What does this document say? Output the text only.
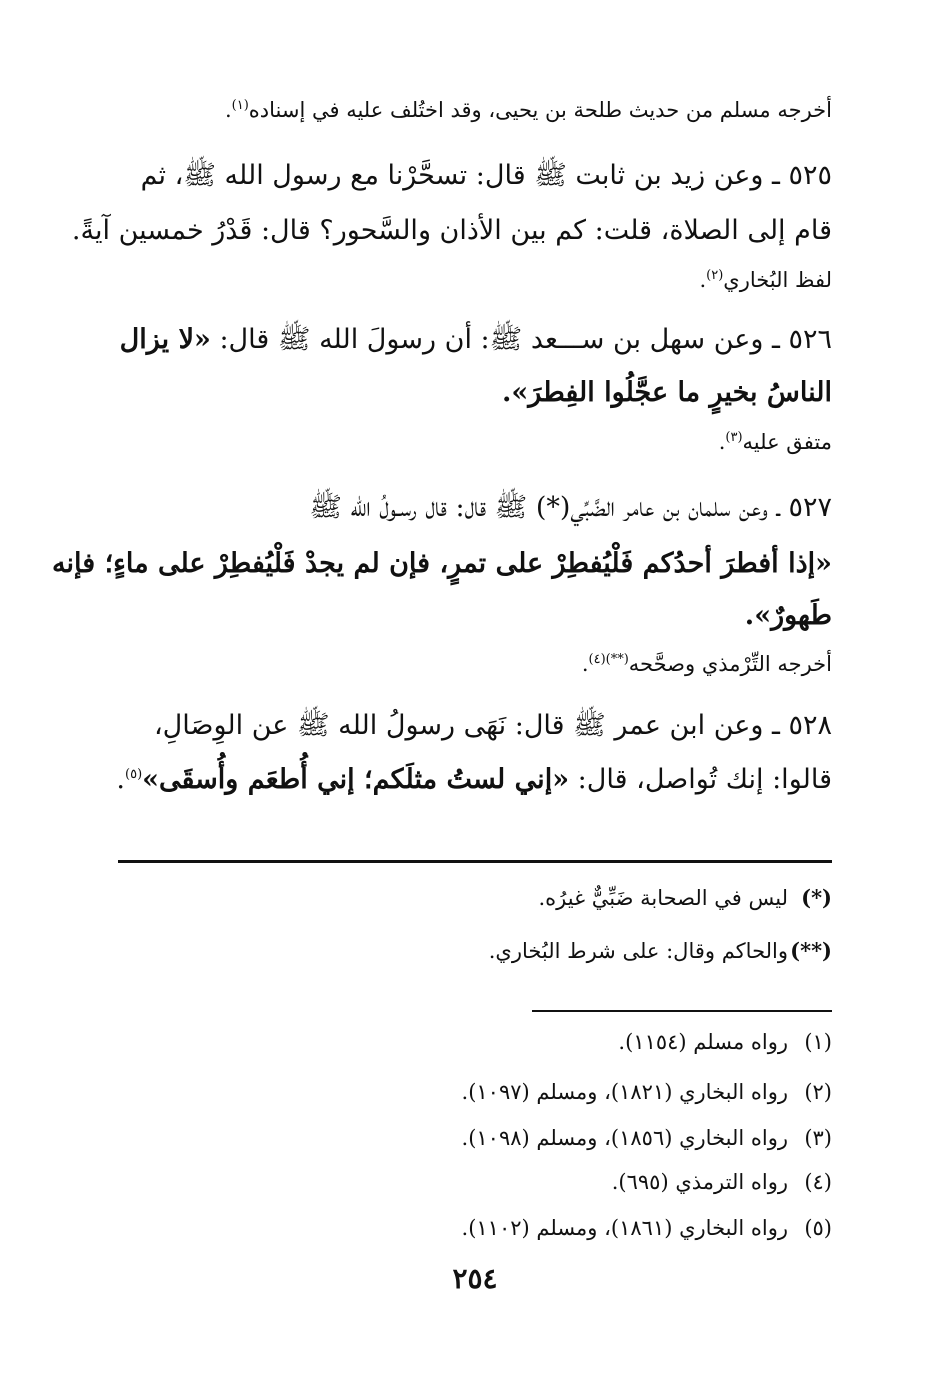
أخرجه مسلم من حديث طلحة بن يحيى، وقد اختُلف عليه في إسناده$^{(١)}$.
٥٢٥ ـ وعن زيد بن ثابت ﷺ قال: تسحَّرْنا مع رسول الله ﷺ، ثم
قام إلى الصلاة، قلت: كم بين الأذان والسَّحور؟ قال: قَدْرُ خمسين آيةً.
لفظ البُخاري$^{(٢)}$.
٥٢٦ ـ وعن سهل بن ســـعد ﷺ: أن رسولَ الله ﷺ قال: «لا يزال
الناسُ بخيرٍ ما عجَّلُوا الفِطرَ».
متفق عليه$^{(٣)}$.
٥٢٧ ـ وعن سلمان بن عامر الضَّبِّي(*) ﷺ قال: قال رسـولُ الله ﷺ
«إذا أفطرَ أحدُكم فَلْيُفطِرْ على تمرٍ، فإن لم يجدْ فَلْيُفطِرْ على ماءٍ؛ فإنه
طَهورٌ».
أخرجه التِّرْمذي وصحَّحه$^{(**)(٤)}$.
٥٢٨ ـ وعن ابن عمر ﷺ قال: نَهَى رسولُ الله ﷺ عن الوِصَالِ،
قالوا: إنك تُواصل، قال: «إني لستُ مثلَكم؛ إني أُطعَم وأُسقَى»$^{(٥)}$.
(*)ليس في الصحابة ضَبِّيٌّ غيرُه.
(**)والحاكم وقال: على شرط البُخاري.
(١)رواه مسلم (١١٥٤).
(٢)رواه البخاري (١٨٢١)، ومسلم (١٠٩٧).
(٣)رواه البخاري (١٨٥٦)، ومسلم (١٠٩٨).
(٤)رواه الترمذي (٦٩٥).
(٥)رواه البخاري (١٨٦١)، ومسلم (١١٠٢).
٢٥٤
